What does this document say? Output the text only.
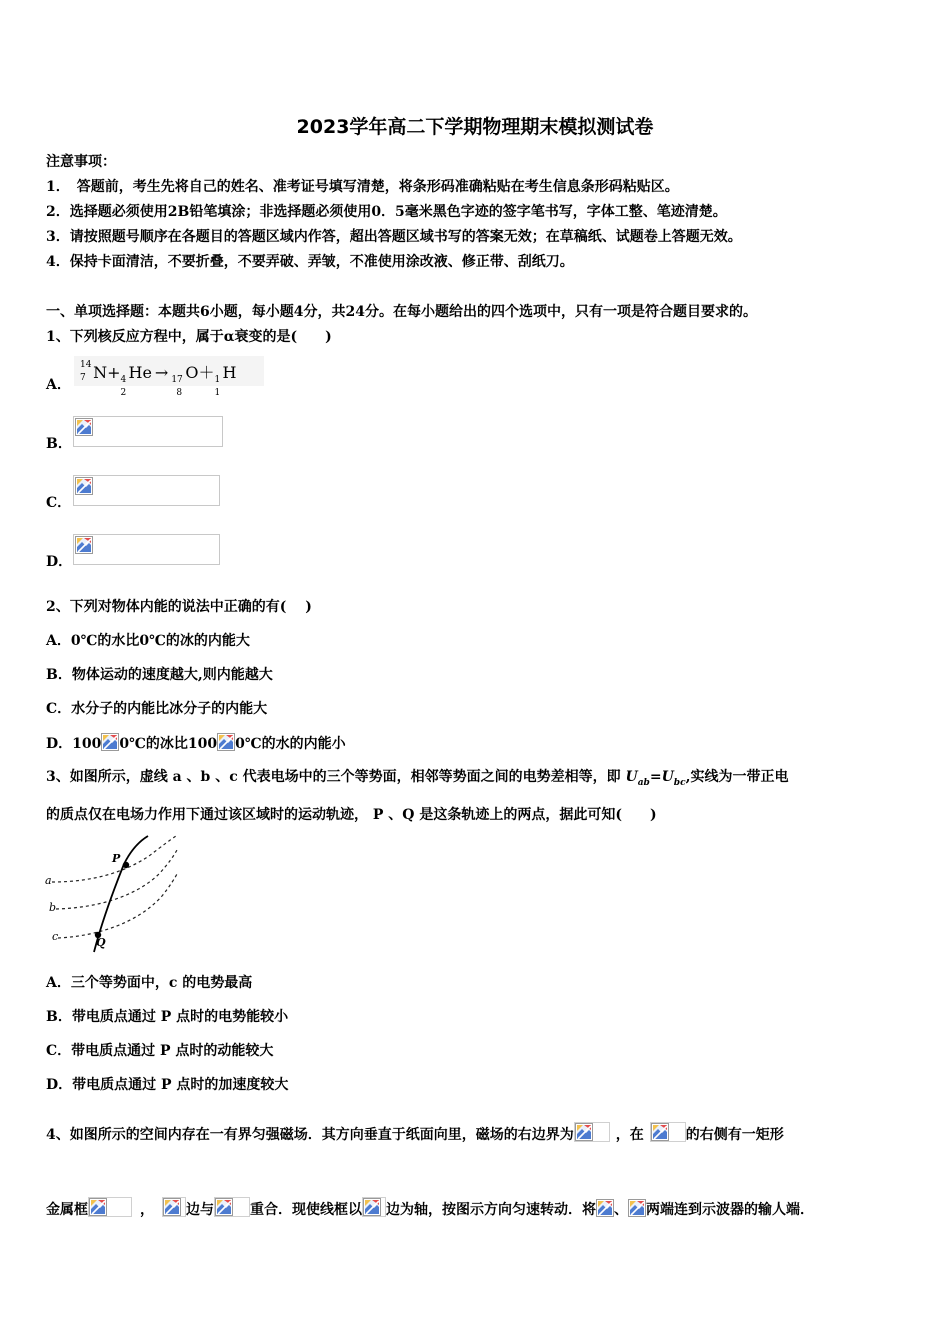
2023学年高二下学期物理期末模拟测试卷
注意事项：
1．　答题前，考生先将自己的姓名、准考证号填写清楚，将条形码准确粘贴在考生信息条形码粘贴区。
2．选择题必须使用2B铅笔填涂；非选择题必须使用0．5毫米黑色字迹的签字笔书写，字体工整、笔迹清楚。
3．请按照题号顺序在各题目的答题区域内作答，超出答题区域书写的答案无效；在草稿纸、试题卷上答题无效。
4．保持卡面清洁，不要折叠，不要弄破、弄皱，不准使用涂改液、修正带、刮纸刀。
一、单项选择题：本题共6小题，每小题4分，共24分。在每小题给出的四个选项中，只有一项是符合题目要求的。
1、下列核反应方程中，属于α衰变的是(　　)
A．
14
7 N+ 4
2
He → 17
8
O＋ 1
1
H
B．
C．
D．
2、下列对物体内能的说法中正确的有(　 )
A．0℃的水比0℃的冰的内能大
B．物体运动的速度越大,则内能越大
C．水分子的内能比冰分子的内能大
D．100 0℃的冰比100 0℃的水的内能小
3、如图所示，虚线 a 、b 、c 代表电场中的三个等势面，相邻等势面之间的电势差相等，即 $U_{ab}=U_{bc}$,实线为一带正电
的质点仅在电场力作用下通过该区域时的运动轨迹， P 、Q 是这条轨迹上的两点，据此可知(　　)
a
b
c
P
Q
A．三个等势面中，c 的电势最高
B．带电质点通过 P 点时的电势能较小
C．带电质点通过 P 点时的动能较大
D．带电质点通过 P 点时的加速度较大
4、如图所示的空间内存在一有界匀强磁场．其方向垂直于纸面向里，磁场的右边界为	，在	的右侧有一矩形
金属框	， 边与	重合．现使线框以 边为轴，按图示方向匀速转动．将 、 两端连到示波器的输人端．
